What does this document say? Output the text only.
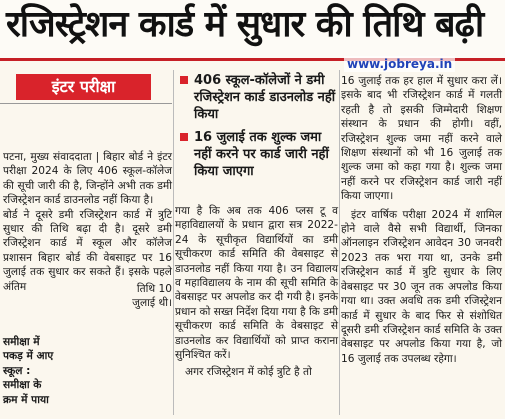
रजिस्ट्रेशन कार्ड में सुधार की तिथि बढ़ी
www.jobreya.in
इंटर परीक्षा	406 स्कूल-कॉलेजों ने डमी रजिस्ट्रेशन कार्ड डाउनलोड नहीं किया
16 जुलाई तक शुल्क जमा नहीं करने पर कार्ड जारी नहीं किया जाएगा

पटना, मुख्य संवाददाता | बिहार बोर्ड ने इंटर परीक्षा 2024 के लिए 406 स्कूल-कॉलेज की सूची जारी की है, जिन्होंने अभी तक डमी रजिस्ट्रेशन कार्ड डाउनलोड नहीं किया है।

बोर्ड ने दूसरे डमी रजिस्ट्रेशन कार्ड में त्रुटि सुधार की तिथि बढ़ा दी है। दूसरे डमी रजिस्ट्रेशन कार्ड में स्कूल और कॉलेज प्रशासन बिहार बोर्ड की वेबसाइट पर 16 जुलाई तक सुधार कर सकते हैं। इसके पहले अंतिम	तिथि 10

जुलाई थी।

समीक्षा में

पकड़ में आए

स्कूल :

समीक्षा के

क्रम में पाया

गया है कि अब तक 406 प्लस टू व महाविद्यालयों के प्रधान द्वारा सत्र 2022-24 के सूचीकृत विद्यार्थियों का डमी सूचीकरण कार्ड समिति की वेबसाइट से डाउनलोड नहीं किया गया है। उन विद्यालय व महाविद्यालय के नाम की सूची समिति के वेबसाइट पर अपलोड कर दी गयी है। इनके प्रधान को सख्त निर्देश दिया गया है कि डमी सूचीकरण कार्ड समिति के वेबसाइट से डाउनलोड कर विद्यार्थियों को प्राप्त कराना सुनिश्चित करें।

अगर रजिस्ट्रेशन में कोई त्रुटि है तो

16 जुलाई तक हर हाल में सुधार करा लें। इसके बाद भी रजिस्ट्रेशन कार्ड में गलती रहती है तो इसकी जिम्मेदारी शिक्षण संस्थान के प्रधान की होगी। वहीं, रजिस्ट्रेशन शुल्क जमा नहीं करने वाले शिक्षण संस्थानों को भी 16 जुलाई तक शुल्क जमा को कहा गया है। शुल्क जमा नहीं करने पर रजिस्ट्रेशन कार्ड जारी नहीं किया जाएगा।

इंटर वार्षिक परीक्षा 2024 में शामिल होने वाले वैसे सभी विद्यार्थी, जिनका ऑनलाइन रजिस्ट्रेशन आवेदन 30 जनवरी 2023 तक भरा गया था, उनके डमी रजिस्ट्रेशन कार्ड में त्रुटि सुधार के लिए वेबसाइट पर 30 जून तक अपलोड किया गया था। उक्त अवधि तक डमी रजिस्ट्रेशन कार्ड में सुधार के बाद फिर से संशोधित दूसरी डमी रजिस्ट्रेशन कार्ड समिति के उक्त वेबसाइट पर अपलोड किया गया है, जो 16 जुलाई तक उपलब्ध रहेगा।
